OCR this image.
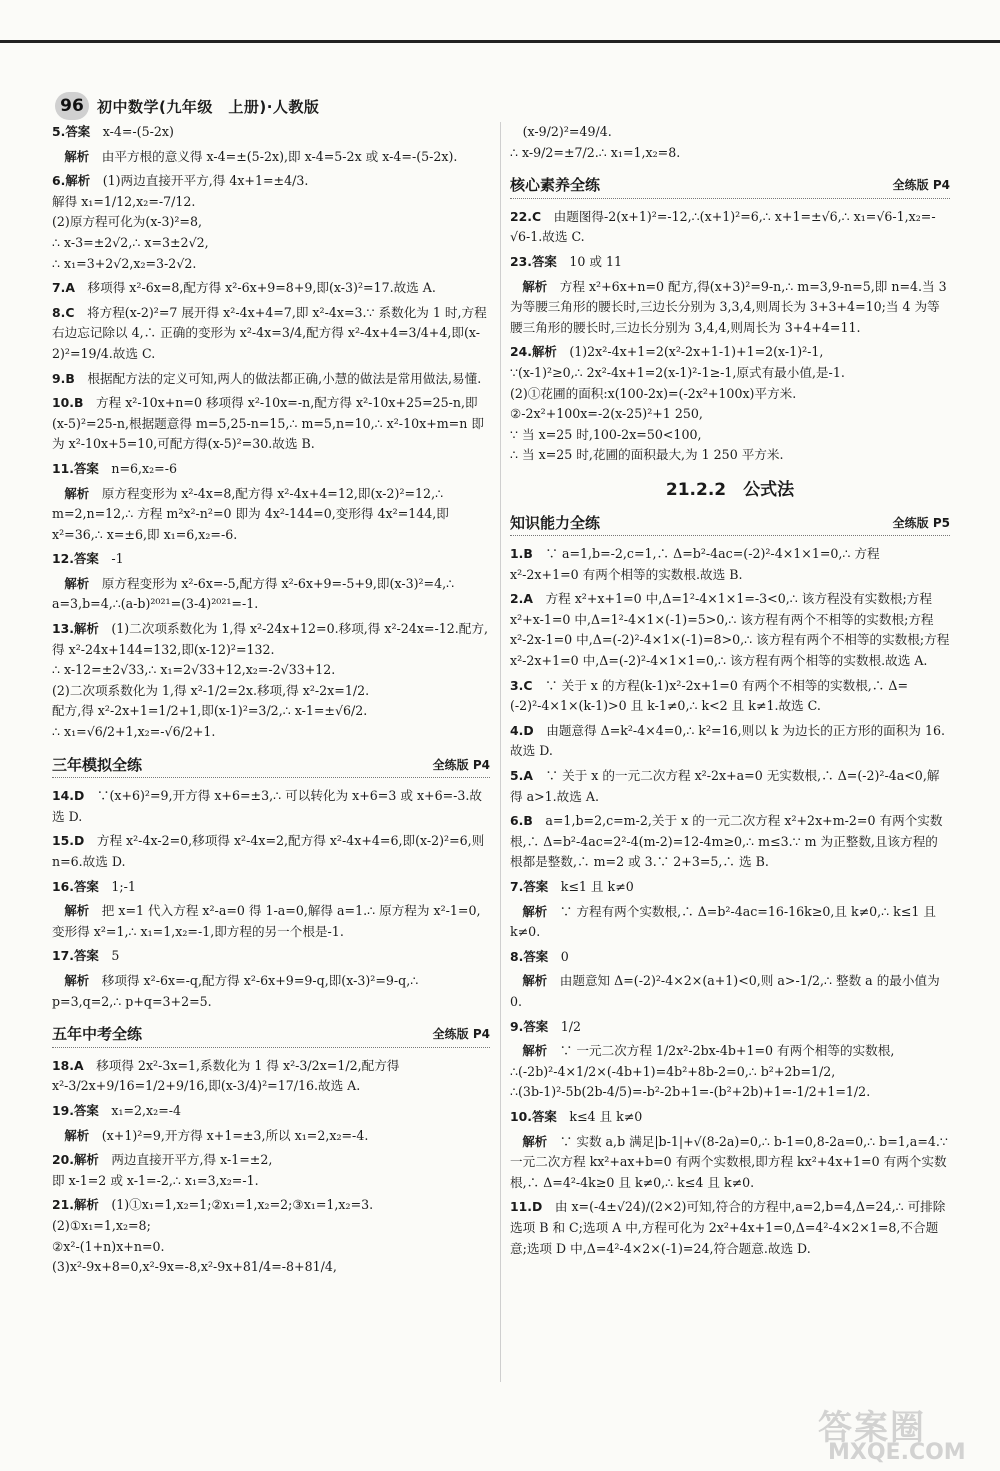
96 初中数学(九年级　上册)·人教版
5.答案　 x-4=-(5-2x)
　解析　 由平方根的意义得 x-4=±(5-2x),即 x-4=5-2x 或 x-4=-(5-2x).
6.解析　 (1)两边直接开平方,得 4x+1=±4/3.
解得 x₁=1/12,x₂=-7/12.
(2)原方程可化为(x-3)²=8,
∴ x-3=±2√2,∴ x=3±2√2,
∴ x₁=3+2√2,x₂=3-2√2.
7.A　 移项得 x²-6x=8,配方得 x²-6x+9=8+9,即(x-3)²=17.故选 A.
8.C　 将方程(x-2)²=7 展开得 x²-4x+4=7,即 x²-4x=3.∵ 系数化为 1 时,方程右边忘记除以 4,∴ 正确的变形为 x²-4x=3/4,配方得 x²-4x+4=3/4+4,即(x-2)²=19/4.故选 C.
9.B　 根据配方法的定义可知,两人的做法都正确,小慧的做法是常用做法,易懂.
10.B　 方程 x²-10x+n=0 移项得 x²-10x=-n,配方得 x²-10x+25=25-n,即(x-5)²=25-n,根据题意得 m=5,25-n=15,∴ m=5,n=10,∴ x²-10x+m=n 即为 x²-10x+5=10,可配方得(x-5)²=30.故选 B.
11.答案　 n=6,x₂=-6
　解析　 原方程变形为 x²-4x=8,配方得 x²-4x+4=12,即(x-2)²=12,∴ m=2,n=12,∴ 方程 m²x²-n²=0 即为 4x²-144=0,变形得 4x²=144,即 x²=36,∴ x=±6,即 x₁=6,x₂=-6.
12.答案　 -1
　解析　 原方程变形为 x²-6x=-5,配方得 x²-6x+9=-5+9,即(x-3)²=4,∴ a=3,b=4,∴(a-b)²⁰²¹=(3-4)²⁰²¹=-1.
13.解析　 (1)二次项系数化为 1,得 x²-24x+12=0.移项,得 x²-24x=-12.配方,得 x²-24x+144=132,即(x-12)²=132.
∴ x-12=±2√33,∴ x₁=2√33+12,x₂=-2√33+12.
(2)二次项系数化为 1,得 x²-1/2=2x.移项,得 x²-2x=1/2.
配方,得 x²-2x+1=1/2+1,即(x-1)²=3/2,∴ x-1=±√6/2.
∴ x₁=√6/2+1,x₂=-√6/2+1.
三年模拟全练	全练版 P4
14.D　 ∵(x+6)²=9,开方得 x+6=±3,∴ 可以转化为 x+6=3 或 x+6=-3.故选 D.
15.D　 方程 x²-4x-2=0,移项得 x²-4x=2,配方得 x²-4x+4=6,即(x-2)²=6,则 n=6.故选 D.
16.答案　 1;-1
　解析　 把 x=1 代入方程 x²-a=0 得 1-a=0,解得 a=1.∴ 原方程为 x²-1=0,变形得 x²=1,∴ x₁=1,x₂=-1,即方程的另一个根是-1.
17.答案　 5
　解析　 移项得 x²-6x=-q,配方得 x²-6x+9=9-q,即(x-3)²=9-q,∴ p=3,q=2,∴ p+q=3+2=5.
五年中考全练	全练版 P4
18.A　 移项得 2x²-3x=1,系数化为 1 得 x²-3/2x=1/2,配方得 x²-3/2x+9/16=1/2+9/16,即(x-3/4)²=17/16.故选 A.
19.答案　 x₁=2,x₂=-4
　解析　 (x+1)²=9,开方得 x+1=±3,所以 x₁=2,x₂=-4.
20.解析　 两边直接开平方,得 x-1=±2,
即 x-1=2 或 x-1=-2,∴ x₁=3,x₂=-1.
21.解析　 (1)①x₁=1,x₂=1;②x₁=1,x₂=2;③x₁=1,x₂=3.
(2)①x₁=1,x₂=8;
②x²-(1+n)x+n=0.
(3)x²-9x+8=0,x²-9x=-8,x²-9x+81/4=-8+81/4,
　(x-9/2)²=49/4.
∴ x-9/2=±7/2.∴ x₁=1,x₂=8.
核心素养全练	全练版 P4
22.C　 由题图得-2(x+1)²=-12,∴(x+1)²=6,∴ x+1=±√6,∴ x₁=√6-1,x₂=-√6-1.故选 C.
23.答案　 10 或 11
　解析　 方程 x²+6x+n=0 配方,得(x+3)²=9-n,∴ m=3,9-n=5,即 n=4.当 3 为等腰三角形的腰长时,三边长分别为 3,3,4,则周长为 3+3+4=10;当 4 为等腰三角形的腰长时,三边长分别为 3,4,4,则周长为 3+4+4=11.
24.解析　 (1)2x²-4x+1=2(x²-2x+1-1)+1=2(x-1)²-1,
∵(x-1)²≥0,∴ 2x²-4x+1=2(x-1)²-1≥-1,原式有最小值,是-1.
(2)①花圃的面积:x(100-2x)=(-2x²+100x)平方米.
②-2x²+100x=-2(x-25)²+1 250,
∵ 当 x=25 时,100-2x=50<100,
∴ 当 x=25 时,花圃的面积最大,为 1 250 平方米.
21.2.2　公式法
知识能力全练	全练版 P5
1.B　 ∵ a=1,b=-2,c=1,∴ Δ=b²-4ac=(-2)²-4×1×1=0,∴ 方程 x²-2x+1=0 有两个相等的实数根.故选 B.
2.A　 方程 x²+x+1=0 中,Δ=1²-4×1×1=-3<0,∴ 该方程没有实数根;方程 x²+x-1=0 中,Δ=1²-4×1×(-1)=5>0,∴ 该方程有两个不相等的实数根;方程 x²-2x-1=0 中,Δ=(-2)²-4×1×(-1)=8>0,∴ 该方程有两个不相等的实数根;方程 x²-2x+1=0 中,Δ=(-2)²-4×1×1=0,∴ 该方程有两个相等的实数根.故选 A.
3.C　 ∵ 关于 x 的方程(k-1)x²-2x+1=0 有两个不相等的实数根,∴ Δ=(-2)²-4×1×(k-1)>0 且 k-1≠0,∴ k<2 且 k≠1.故选 C.
4.D　 由题意得 Δ=k²-4×4=0,∴ k²=16,则以 k 为边长的正方形的面积为 16.故选 D.
5.A　 ∵ 关于 x 的一元二次方程 x²-2x+a=0 无实数根,∴ Δ=(-2)²-4a<0,解得 a>1.故选 A.
6.B　 a=1,b=2,c=m-2,关于 x 的一元二次方程 x²+2x+m-2=0 有两个实数根,∴ Δ=b²-4ac=2²-4(m-2)=12-4m≥0,∴ m≤3.∵ m 为正整数,且该方程的根都是整数,∴ m=2 或 3.∵ 2+3=5,∴ 选 B.
7.答案　 k≤1 且 k≠0
　解析　 ∵ 方程有两个实数根,∴ Δ=b²-4ac=16-16k≥0,且 k≠0,∴ k≤1 且 k≠0.
8.答案　 0
　解析　 由题意知 Δ=(-2)²-4×2×(a+1)<0,则 a>-1/2,∴ 整数 a 的最小值为 0.
9.答案　 1/2
　解析　 ∵ 一元二次方程 1/2x²-2bx-4b+1=0 有两个相等的实数根,
∴(-2b)²-4×1/2×(-4b+1)=4b²+8b-2=0,∴ b²+2b=1/2,
∴(3b-1)²-5b(2b-4/5)=-b²-2b+1=-(b²+2b)+1=-1/2+1=1/2.
10.答案　 k≤4 且 k≠0
　解析　 ∵ 实数 a,b 满足|b-1|+√(8-2a)=0,∴ b-1=0,8-2a=0,∴ b=1,a=4.∵ 一元二次方程 kx²+ax+b=0 有两个实数根,即方程 kx²+4x+1=0 有两个实数根,∴ Δ=4²-4k≥0 且 k≠0,∴ k≤4 且 k≠0.
11.D　 由 x=(-4±√24)/(2×2)可知,符合的方程中,a=2,b=4,Δ=24,∴ 可排除选项 B 和 C;选项 A 中,方程可化为 2x²+4x+1=0,Δ=4²-4×2×1=8,不合题意;选项 D 中,Δ=4²-4×2×(-1)=24,符合题意.故选 D.
答案圈
MXQE.COM
